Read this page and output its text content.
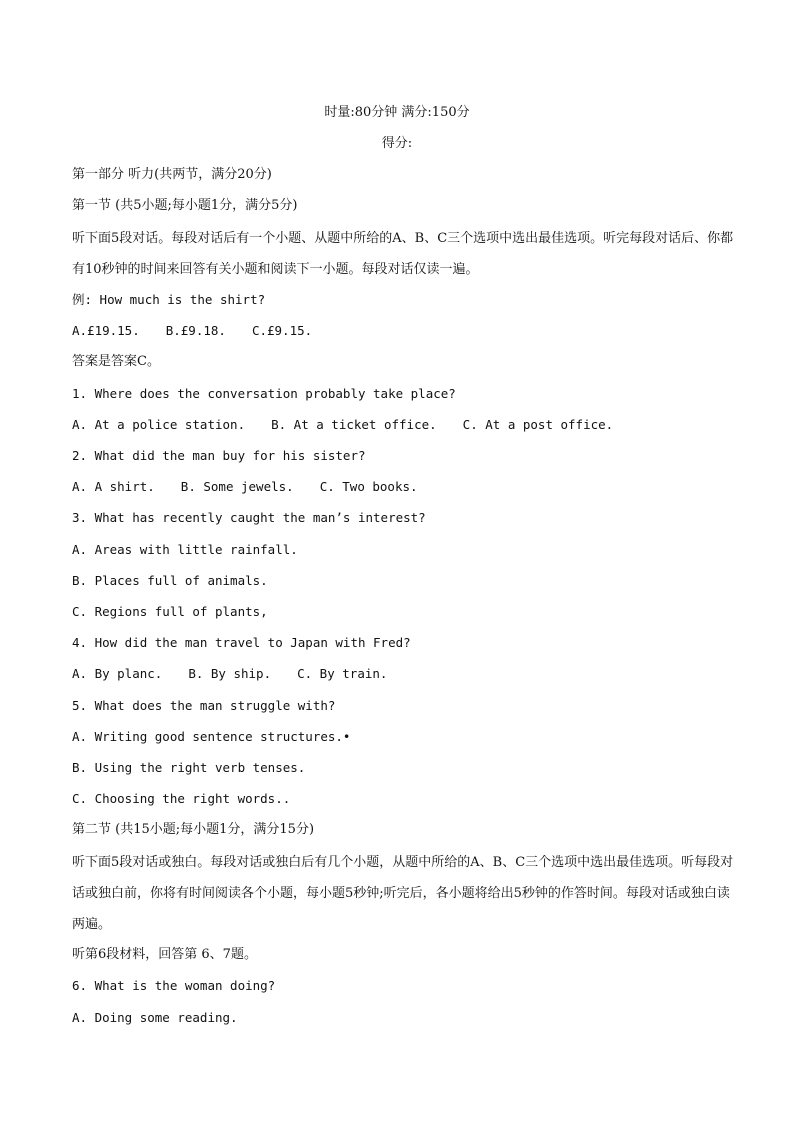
时量:80分钟 满分:150分
得分:
第一部分 听力(共两节，满分20分)
第一节 (共5小题;每小题1分，满分5分)
听下面5段对话。每段对话后有一个小题、从题中所给的A、B、C三个选项中选出最佳选项。听完每段对话后、你都有10秒钟的时间来回答有关小题和阅读下一小题。每段对话仅读一遍。
例: How much is the shirt?
A.£19.15. B.£9.18. C.£9.15.
答案是答案C。
1. Where does the conversation probably take place?
A. At a police station. B. At a ticket office. C. At a post office.
2. What did the man buy for his sister?
A. A shirt. B. Some jewels. C. Two books.
3. What has recently caught the man’s interest?
A. Areas with little rainfall.
B. Places full of animals.
C. Regions full of plants,
4. How did the man travel to Japan with Fred?
A. By planc. B. By ship. C. By train.
5. What does the man struggle with?
A. Writing good sentence structures.•
B. Using the right verb tenses.
C. Choosing the right words..
第二节 (共15小题;每小题1分，满分15分)
听下面5段对话或独白。每段对话或独白后有几个小题，从题中所给的A、B、C三个选项中选出最佳选项。听每段对话或独白前，你将有时间阅读各个小题，每小题5秒钟;听完后，各小题将给出5秒钟的作答时间。每段对话或独白读两遍。
听第6段材料，回答第 6、7题。
6. What is the woman doing?
A. Doing some reading.
